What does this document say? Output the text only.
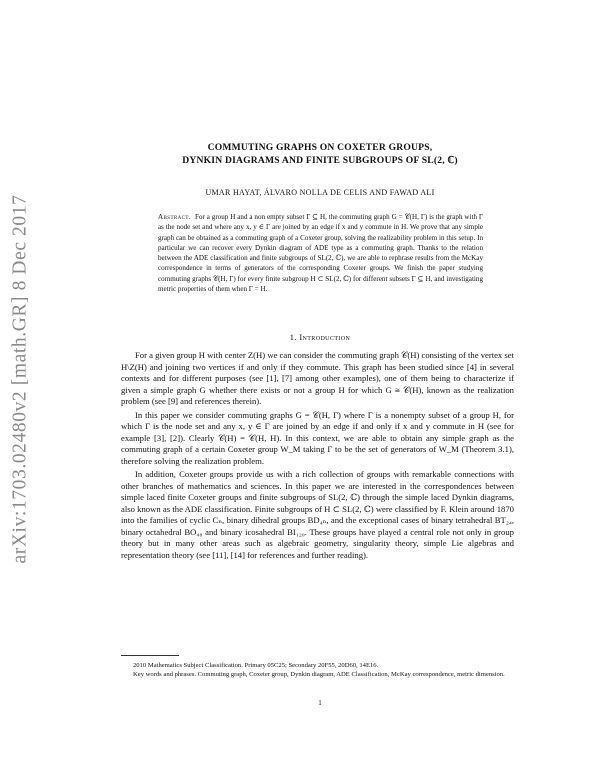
arXiv:1703.02480v2 [math.GR] 8 Dec 2017
COMMUTING GRAPHS ON COXETER GROUPS,
DYNKIN DIAGRAMS AND FINITE SUBGROUPS OF SL(2, ℂ)
UMAR HAYAT, ÁLVARO NOLLA DE CELIS AND FAWAD ALI
Abstract. For a group H and a non empty subset Γ ⊆ H, the commuting graph G = 𝒞(H, Γ) is the graph with Γ as the node set and where any x, y ∈ Γ are joined by an edge if x and y commute in H. We prove that any simple graph can be obtained as a commuting graph of a Coxeter group, solving the realizability problem in this setup. In particular we can recover every Dynkin diagram of ADE type as a commuting graph. Thanks to the relation between the ADE classification and finite subgroups of SL(2, ℂ), we are able to rephrase results from the McKay correspondence in terms of generators of the corresponding Coxeter groups. We finish the paper studying commuting graphs 𝒞(H, Γ) for every finite subgroup H ⊂ SL(2, ℂ) for different subsets Γ ⊆ H, and investigating metric properties of them when Γ = H.
1. Introduction

For a given group H with center Z(H) we can consider the commuting graph 𝒞(H) consisting of the vertex set H\Z(H) and joining two vertices if and only if they commute. This graph has been studied since [4] in several contexts and for different purposes (see [1], [7] among other examples), one of them being to characterize if given a simple graph G whether there exists or not a group H for which G ≅ 𝒞(H), known as the realization problem (see [9] and references therein).

In this paper we consider commuting graphs G = 𝒞(H, Γ) where Γ is a nonempty subset of a group H, for which Γ is the node set and any x, y ∈ Γ are joined by an edge if and only if x and y commute in H (see for example [3], [2]). Clearly 𝒞(H) = 𝒞(H, H). In this context, we are able to obtain any simple graph as the commuting graph of a certain Coxeter group W_M taking Γ to be the set of generators of W_M (Theorem 3.1), therefore solving the realization problem.

In addition, Coxeter groups provide us with a rich collection of groups with remarkable connections with other branches of mathematics and sciences. In this paper we are interested in the correspondences between simple laced finite Coxeter groups and finite subgroups of SL(2, ℂ) through the simple laced Dynkin diagrams, also known as the ADE classification. Finite subgroups of H ⊂ SL(2, ℂ) were classified by F. Klein around 1870 into the families of cyclic Cₙ, binary dihedral groups BD₄ₙ, and the exceptional cases of binary tetrahedral BT₂₄, binary octahedral BO₄₈ and binary icosahedral BI₁₂₀. These groups have played a central role not only in group theory but in many other areas such as algebraic geometry, singularity theory, simple Lie algebras and representation theory (see [11], [14] for references and further reading).

2010 Mathematics Subject Classification. Primary 05C25; Secondary 20F55, 20D60, 14E16.

Key words and phrases. Commuting graph, Coxeter group, Dynkin diagram, ADE Classification, McKay correspondence, metric dimension.

1
